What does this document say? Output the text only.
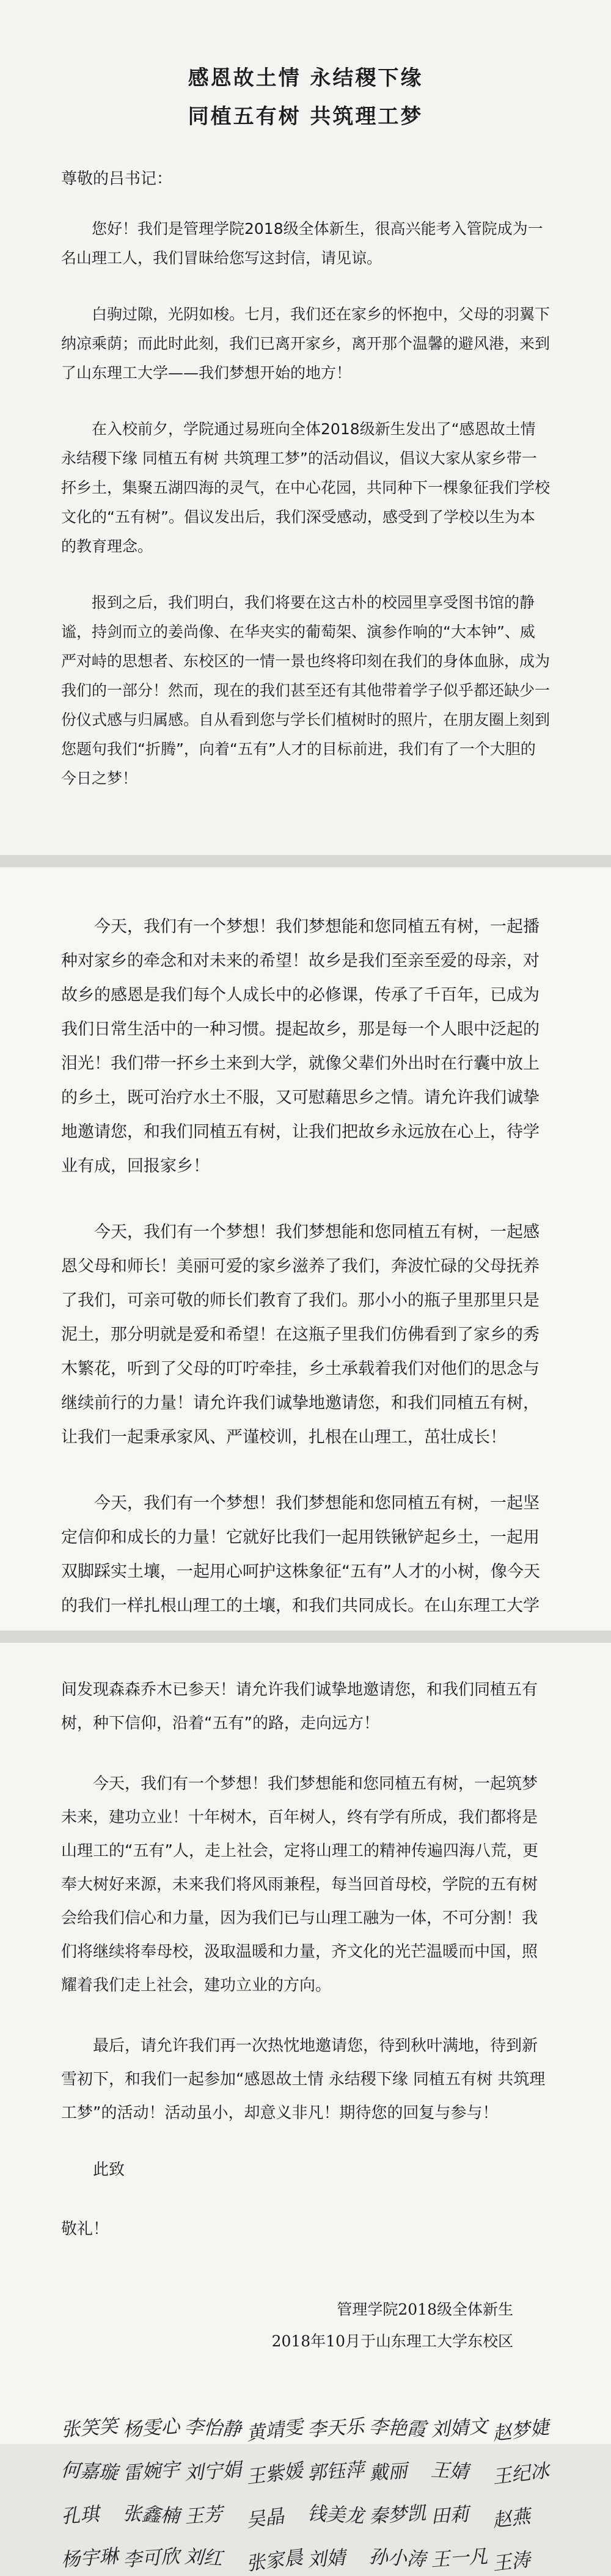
感恩故土情 永结稷下缘
同植五有树 共筑理工梦
尊敬的吕书记：

您好！我们是管理学院2018级全体新生，很高兴能考入管院成为一名山理工人，我们冒昧给您写这封信，请见谅。

白驹过隙，光阴如梭。七月，我们还在家乡的怀抱中，父母的羽翼下纳凉乘荫；而此时此刻，我们已离开家乡，离开那个温馨的避风港，来到了山东理工大学——我们梦想开始的地方！

在入校前夕，学院通过易班向全体2018级新生发出了“感恩故土情 永结稷下缘 同植五有树 共筑理工梦”的活动倡议，倡议大家从家乡带一抔乡土，集聚五湖四海的灵气，在中心花园，共同种下一棵象征我们学校文化的“五有树”。倡议发出后，我们深受感动，感受到了学校以生为本的教育理念。

报到之后，我们明白，我们将要在这古朴的校园里享受图书馆的静谧，持剑而立的姜尚像、在华夹实的葡萄架、演参作响的“大本钟”、威严对峙的思想者、东校区的一情一景也终将印刻在我们的身体血脉，成为我们的一部分！然而，现在的我们甚至还有其他带着学子似乎都还缺少一份仪式感与归属感。自从看到您与学长们植树时的照片，在朋友圈上刻到您题句我们“折腾”，向着“五有”人才的目标前进，我们有了一个大胆的今日之梦！

今天，我们有一个梦想！我们梦想能和您同植五有树，一起播种对家乡的牵念和对未来的希望！故乡是我们至亲至爱的母亲，对故乡的感恩是我们每个人成长中的必修课，传承了千百年，已成为我们日常生活中的一种习惯。提起故乡，那是每一个人眼中泛起的泪光！我们带一抔乡土来到大学，就像父辈们外出时在行囊中放上的乡土，既可治疗水土不服，又可慰藉思乡之情。请允许我们诚挚地邀请您，和我们同植五有树，让我们把故乡永远放在心上，待学业有成，回报家乡！

今天，我们有一个梦想！我们梦想能和您同植五有树，一起感恩父母和师长！美丽可爱的家乡滋养了我们，奔波忙碌的父母抚养了我们，可亲可敬的师长们教育了我们。那小小的瓶子里那里只是泥土，那分明就是爱和希望！在这瓶子里我们仿佛看到了家乡的秀木繁花，听到了父母的叮咛牵挂，乡土承载着我们对他们的思念与继续前行的力量！请允许我们诚挚地邀请您，和我们同植五有树，让我们一起秉承家风、严谨校训，扎根在山理工，茁壮成长！

今天，我们有一个梦想！我们梦想能和您同植五有树，一起坚定信仰和成长的力量！它就好比我们一起用铁锹铲起乡土，一起用双脚踩实土壤，一起用心呵护这株象征“五有”人才的小树，像今天的我们一样扎根山理工的土壤，和我们共同成长。在山东理工大学

间发现森森乔木已参天！请允许我们诚挚地邀请您，和我们同植五有树，种下信仰，沿着“五有”的路，走向远方！

今天，我们有一个梦想！我们梦想能和您同植五有树，一起筑梦未来，建功立业！十年树木，百年树人，终有学有所成，我们都将是山理工的“五有”人，走上社会，定将山理工的精神传遍四海八荒，更奉大树好来源，未来我们将风雨兼程，每当回首母校，学院的五有树会给我们信心和力量，因为我们已与山理工融为一体，不可分割！我们将继续将奉母校，汲取温暖和力量，齐文化的光芒温暖而中国，照耀着我们走上社会，建功立业的方向。

最后，请允许我们再一次热忱地邀请您，待到秋叶满地，待到新雪初下，和我们一起参加“感恩故土情 永结稷下缘 同植五有树 共筑理工梦”的活动！活动虽小，却意义非凡！期待您的回复与参与！

此致
敬礼！
管理学院2018级全体新生
2018年10月于山东理工大学东校区
张笑笑 杨雯心 李怡静 黄靖雯 李天乐 李艳霞 刘婧文 赵梦婕
何嘉璇 雷婉宇 刘宁娟 王紫媛 郭钰萍 戴丽	王婧	王纪冰
孔琪	张鑫楠 王芳	吴晶	钱美龙 秦梦凯 田莉	赵燕
杨宇琳 李可欣 刘红	张家晨 刘婧	孙小涛 王一凡 王涛
